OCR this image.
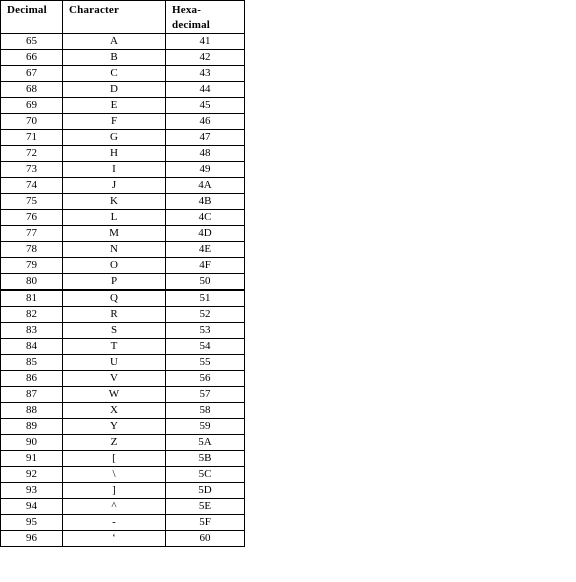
Decimal	Character	Hexa-
decimal
65	A	41
66	B	42
67	C	43
68	D	44
69	E	45
70	F	46
71	G	47
72	H	48
73	I	49
74	J	4A
75	K	4B
76	L	4C
77	M	4D
78	N	4E
79	O	4F
80	P	50
81	Q	51
82	R	52
83	S	53
84	T	54
85	U	55
86	V	56
87	W	57
88	X	58
89	Y	59
90	Z	5A
91	[	5B
92	\	5C
93	]	5D
94	^	5E
95	-	5F
96	‘	60
